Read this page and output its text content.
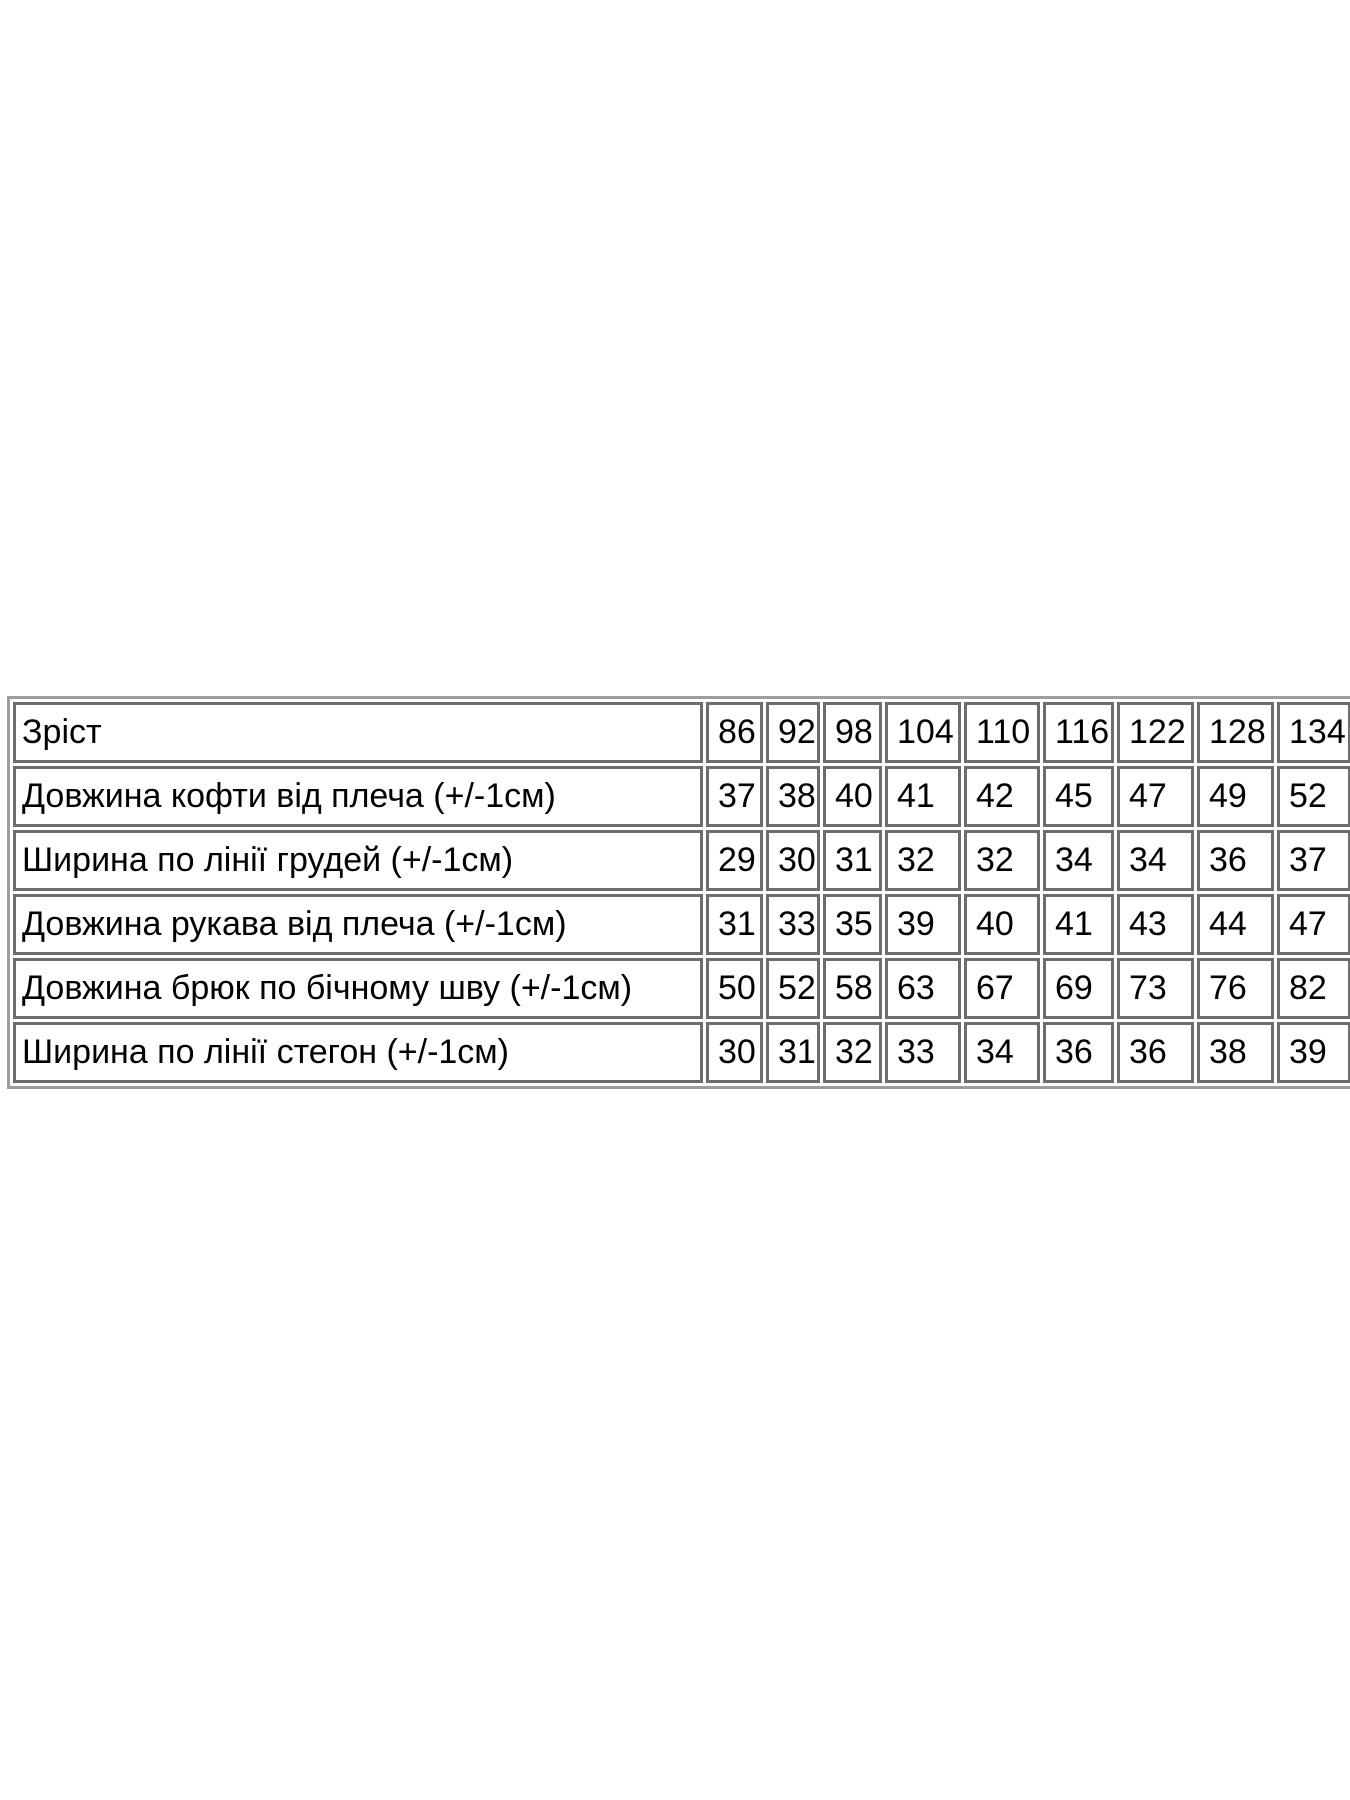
Зріст	86	92	98	104	110	116	122	128	134
Довжина кофти від плеча (+/-1см)	37	38	40	41	42	45	47	49	52
Ширина по лінії грудей (+/-1см)	29	30	31	32	32	34	34	36	37
Довжина рукава від плеча (+/-1см)	31	33	35	39	40	41	43	44	47
Довжина брюк по бічному шву (+/-1см)	50	52	58	63	67	69	73	76	82
Ширина по лінії стегон (+/-1см)	30	31	32	33	34	36	36	38	39
